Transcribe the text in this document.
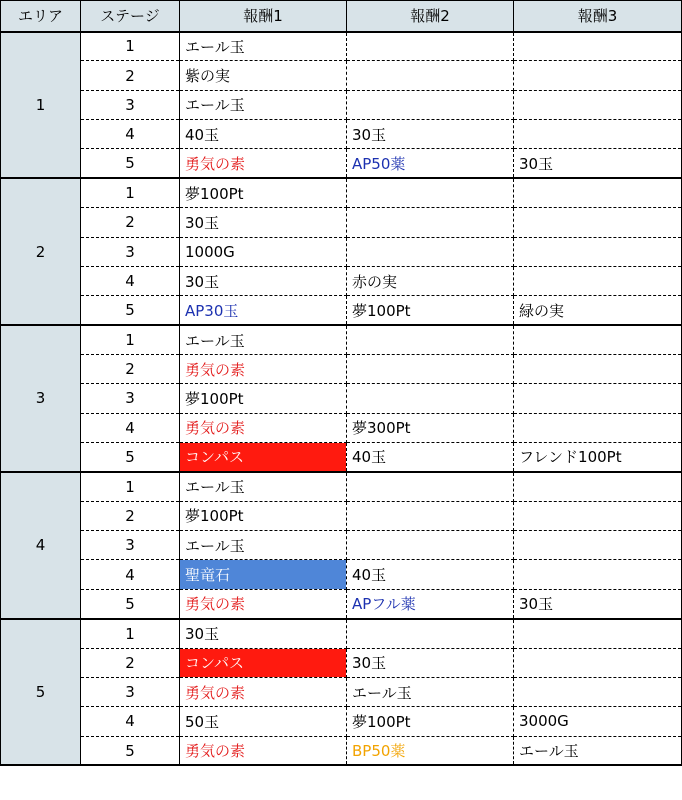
エリア	ステージ	報酬1	報酬2	報酬3
1	1	エール玉		
	2	紫の実		
	3	エール玉		
	4	40玉	30玉	
	5	勇気の素	AP50薬	30玉
2	1	夢100Pt		
	2	30玉		
	3	1000G		
	4	30玉	赤の実	
	5	AP30玉	夢100Pt	緑の実
3	1	エール玉		
	2	勇気の素		
	3	夢100Pt		
	4	勇気の素	夢300Pt	
	5	コンパス	40玉	フレンド100Pt
4	1	エール玉		
	2	夢100Pt		
	3	エール玉		
	4	聖竜石	40玉	
	5	勇気の素	APフル薬	30玉
5	1	30玉		
	2	コンパス	30玉	
	3	勇気の素	エール玉	
	4	50玉	夢100Pt	3000G
	5	勇気の素	BP50薬	エール玉
